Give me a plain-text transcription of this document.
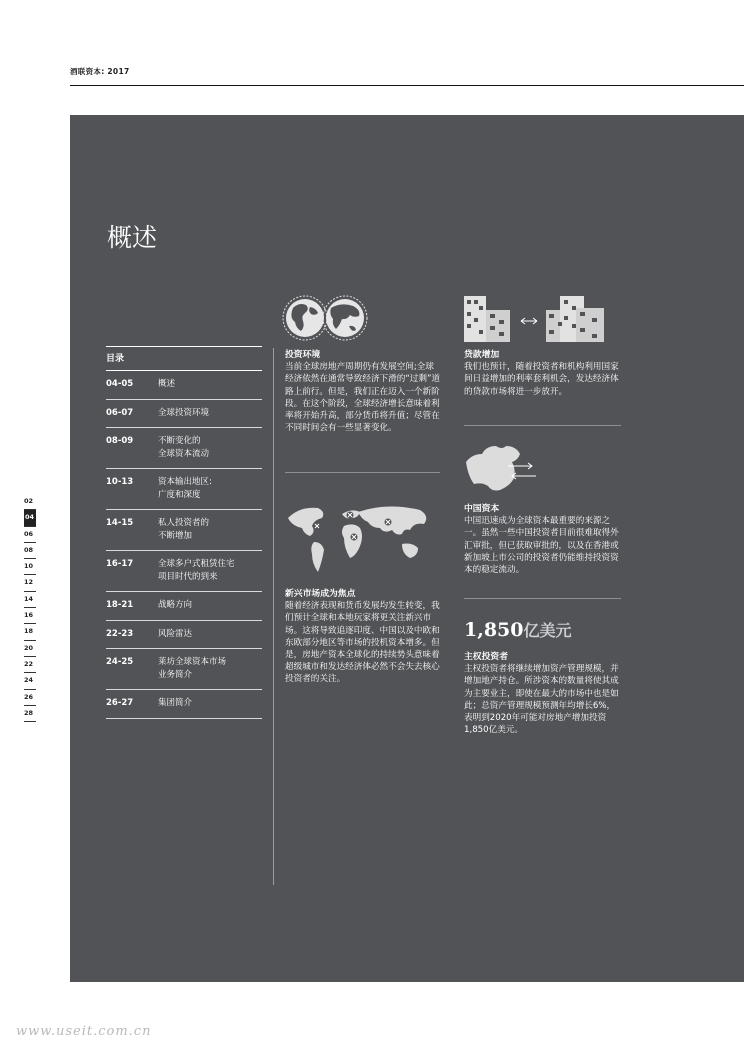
酒联资本: 2017
概述
目录
04-05	概述
06-07	全球投资环境
08-09	不断变化的
全球资本流动
10-13	资本输出地区:
广度和深度
14-15	私人投资者的
不断增加
16-17	全球多户式租赁住宅
项目时代的到来
18-21	战略方向
22-23	风险雷达
24-25	莱坊全球资本市场
业务简介
26-27	集团简介
投资环境
当前全球房地产周期仍有发展空间;全球经济依然在通常导致经济下滑的“过剩”道路上前行。但是，我们正在迈入一个新阶段。在这个阶段，全球经济增长意味着利率将开始升高，部分货币将升值；尽管在不同时间会有一些显著变化。
新兴市场成为焦点
随着经济表现和货币发展均发生转变，我们预计全球和本地玩家将更关注新兴市场。这将导致追逐印度、中国以及中欧和东欧部分地区等市场的投机资本增多。但是，房地产资本全球化的持续势头意味着超级城市和发达经济体必然不会失去核心投资者的关注。
贷款增加
我们也预计，随着投资者和机构利用国家间日益增加的利率套利机会，发达经济体的贷款市场将进一步放开。
中国资本
中国迅速成为全球资本最重要的来源之一。虽然一些中国投资者目前很难取得外汇审批，但已获取审批的，以及在香港或新加坡上市公司的投资者仍能维持投资资本的稳定流动。
1,850亿美元
主权投资者
主权投资者将继续增加资产管理规模，并增加地产持仓。所涉资本的数量将使其成为主要业主，即使在最大的市场中也是如此；总资产管理规模预测年均增长6%，表明到2020年可能对房地产增加投资1,850亿美元。
02
04
06
08
10
12
14
16
18
20
22
24
26
28
www.useit.com.cn
